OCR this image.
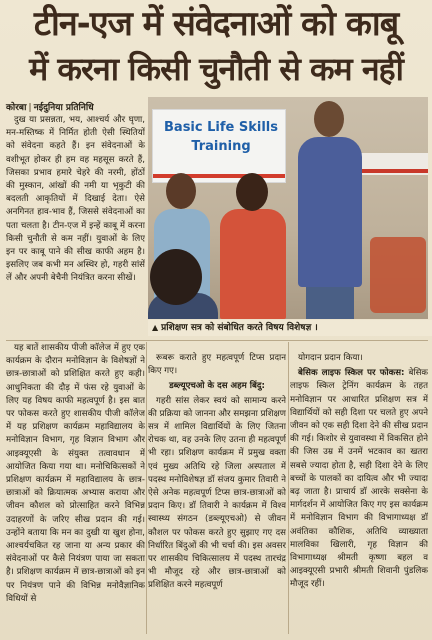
टीन-एज में संवेदनाओं को काबू
में करना किसी चुनौती से कम नहीं
कोरबा | नईदुनिया प्रतिनिधि

दुख या प्रसन्नता, भय, आश्चर्य और घृणा, मन-मस्तिष्क में निर्मित होती ऐसी स्थितियों को संवेदना कहते हैं। इन संवेदनाओं के वशीभूत होकर ही हम वह महसूस करते हैं, जिसका प्रभाव हमारे चेहरे की नरमी, होंठों की मुस्कान, आंखों की नमी या भृकुटी की बदलती आकृतियों में दिखाई देता। ऐसे अनगिनत हाव-भाव हैं, जिससे संवेदनाओं का पता चलता है। टीन-एज में इन्हें काबू में करना किसी चुनौती से कम नहीं। युवाओं के लिए इन पर काबू पाने की सीख काफी अहम है। इसलिए जब कभी मन अस्थिर हो, गहरी सांसें लें और अपनी बेचैनी नियंत्रित करना सीखें।

यह बातें शासकीय पीजी कॉलेज में हुए एक कार्यक्रम के दौरान मनोविज्ञान के विशेषज्ञों ने छात्र-छात्राओं को प्रशिक्षित करते हुए कही। आधुनिकता की दौड़ में फंस रहे युवाओं के लिए यह विषय काफी महत्वपूर्ण है। इस बात पर फोकस करते हुए शासकीय पीजी कॉलेज में यह प्रशिक्षण कार्यक्रम महाविद्यालय के मनोविज्ञान विभाग, गृह विज्ञान विभाग और आइक्यूएसी के संयुक्त तत्वावधान में आयोजित किया गया था। मनोचिकित्सकों ने प्रशिक्षण कार्यक्रम में महाविद्यालय के छात्र-छात्राओं को क्रियात्मक अभ्यास कराया और जीवन कौशल को प्रोत्साहित करने विभिन्न उदाहरणों के जरिए सीख प्रदान की गई। उन्होंने बताया कि मन का दुखी या खुश होना, आश्चर्यचकित रह जाना या अन्य प्रकार की संवेदनाओं पर कैसे नियंत्रण पाया जा सकता है। प्रशिक्षण कार्यक्रम में छात्र-छात्राओं को इन पर नियंत्रण पाने की विभिन्न मनोवैज्ञानिक विधियों से

रूबरू कराते हुए महत्वपूर्ण टिप्स प्रदान किए गए।

डब्ल्यूएचओ के दस अहम बिंदु:

गहरी सांस लेकर स्वयं को सामान्य करने की प्रक्रिया को जानना और समझना प्रशिक्षण सत्र में शामिल विद्यार्थियों के लिए जितना रोचक था, वह उनके लिए उतना ही महत्वपूर्ण भी रहा। प्रशिक्षण कार्यक्रम में प्रमुख वक्ता एवं मुख्य अतिथि रहे जिला अस्पताल में पदस्थ मनोविशेषज्ञ डॉ संजय कुमार तिवारी ने ऐसे अनेक महत्वपूर्ण टिप्स छात्र-छात्राओं को प्रदान किए। डॉ तिवारी ने कार्यक्रम में विश्व स्वास्थ्य संगठन (डब्ल्यूएचओ) से जीवन कौशल पर फोकस करते हुए सुझाए गए दस निर्धारित बिंदुओं की भी चर्चा की। इस अवसर पर शासकीय चिकित्सालय में पदस्थ तारचंद्र भी मौजूद रहे और छात्र-छात्राओं को प्रशिक्षित करने महत्वपूर्ण

योगदान प्रदान किया।

बेसिक लाइफ स्किल पर फोकस: बेसिक लाइफ स्किल ट्रेनिंग कार्यक्रम के तहत मनोविज्ञान पर आधारित प्रशिक्षण सत्र में विद्यार्थियों को सही दिशा पर चलते हुए अपने जीवन को एक सही दिशा देने की सीख प्रदान की गई। किशोर से युवावस्था में विकसित होने की जिस उम्र में उनमें भटकाव का खतरा सबसे ज्यादा होता है, सही दिशा देने के लिए बच्चों के पालकों का दायित्व और भी ज्यादा बढ़ जाता है। प्राचार्य डॉ आरके सक्सेना के मार्गदर्शन में आयोजित किए गए इस कार्यक्रम में मनोविज्ञान विभाग की विभागाध्यक्ष डॉ अवंतिका कौशिक, अतिथि व्याख्याता मालविका खिलारी, गृह विज्ञान की विभागाध्यक्ष श्रीमती कृष्णा बहल व आइक्यूएसी प्रभारी श्रीमती शिवानी पुंडलिक मौजूद रहीं।

Basic Life Skills Training
▲ प्रशिक्षण सत्र को संबोधित करते विषय विशेषज्ञ ।
